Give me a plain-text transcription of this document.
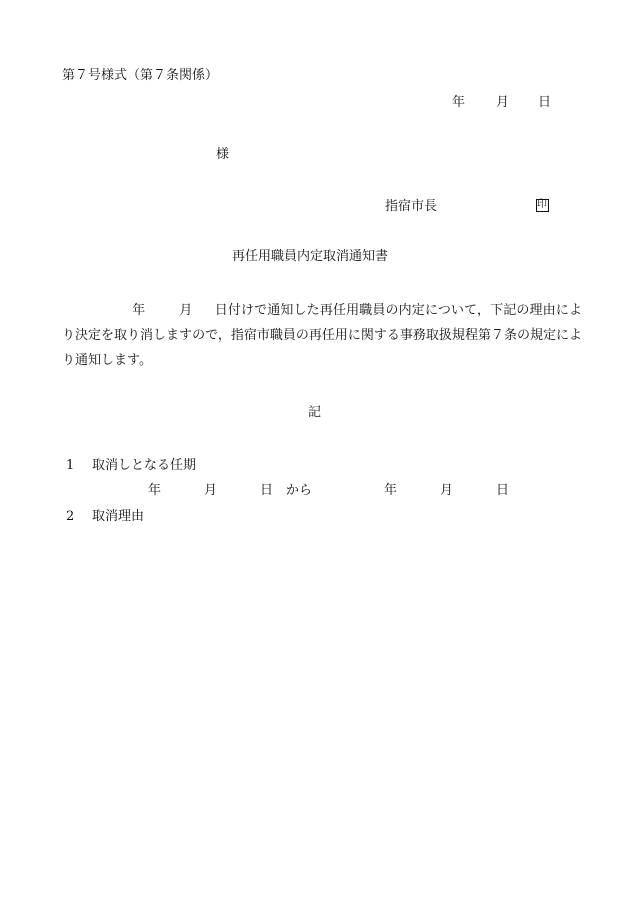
第７号様式（第７条関係）
年 月 日
様
指宿市長	印
再任用職員内定取消通知書
年	月 日付けで通知した再任用職員の内定について，下記の理由により決定を取り消しますので，指宿市職員の再任用に関する事務取扱規程第７条の規定により通知します。
記
1 取消しとなる任期
年	月	日 から	年	月	日
2 取消理由
